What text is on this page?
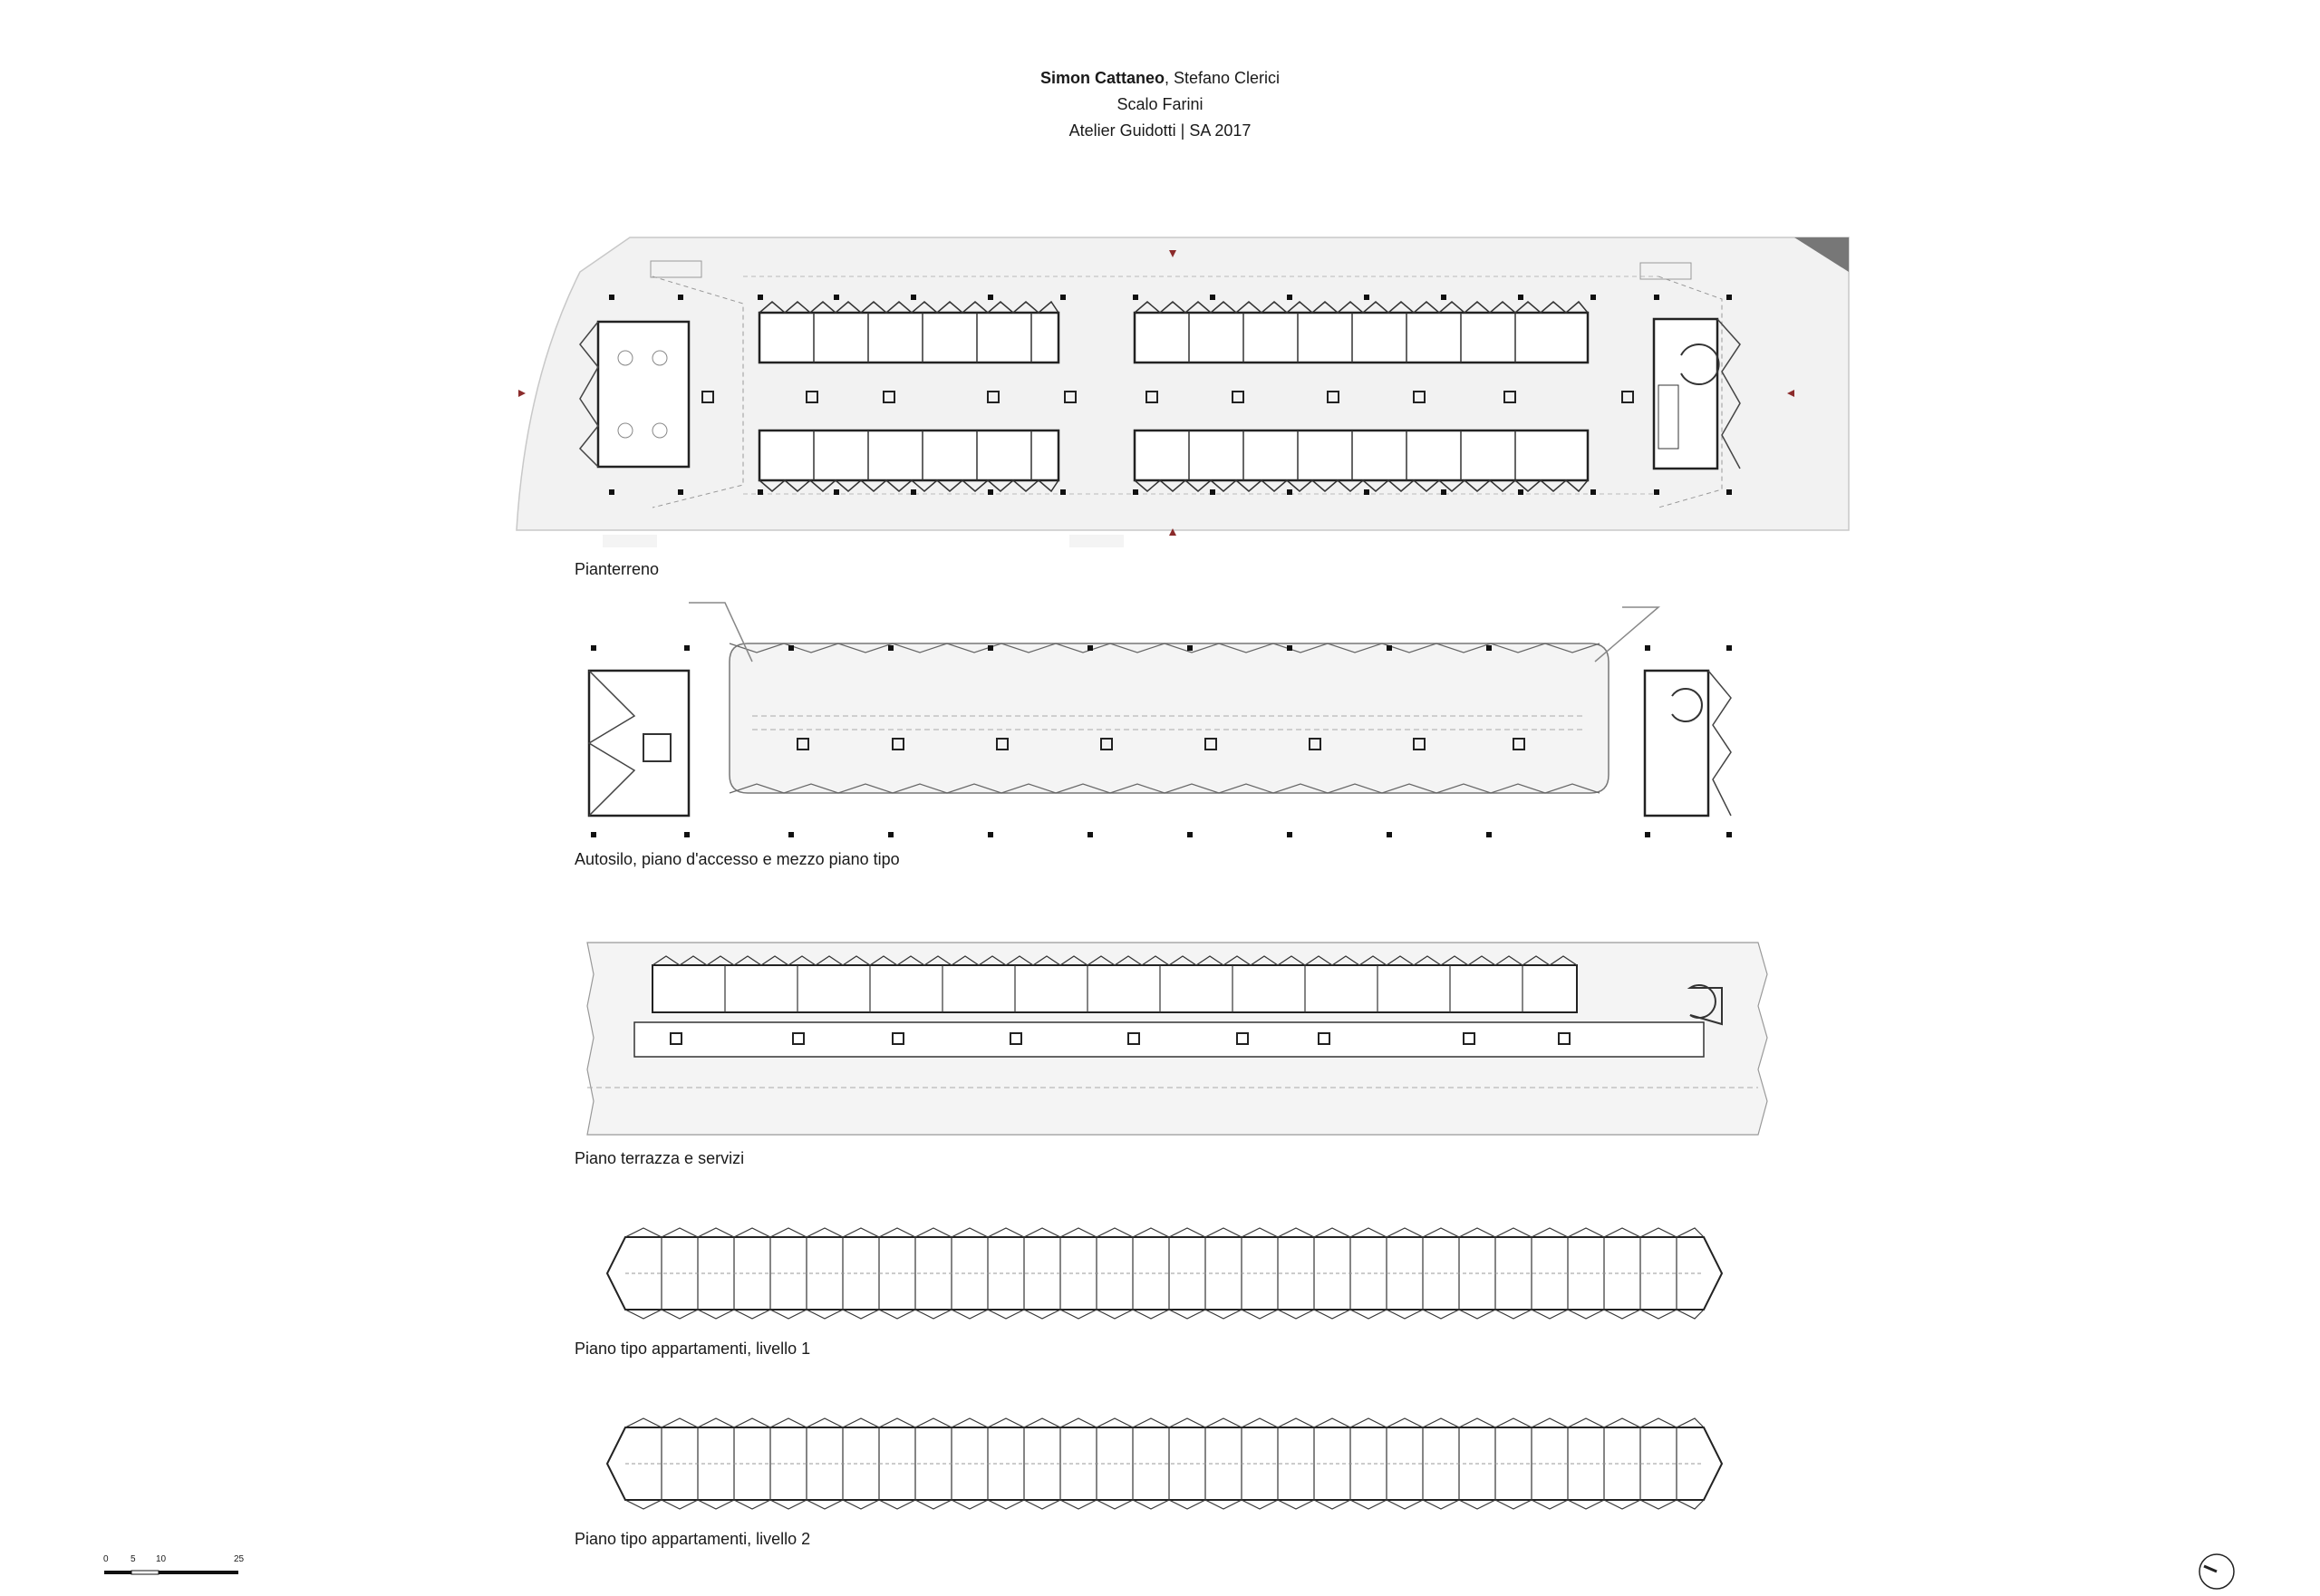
Simon Cattaneo, Stefano Clerici
Scalo Farini
Atelier Guidotti | SA 2017
Pianterreno
Autosilo, piano d'accesso e mezzo piano tipo
Piano terrazza e servizi
Piano tipo appartamenti, livello 1
Piano tipo appartamenti, livello 2
0 5 10	25
